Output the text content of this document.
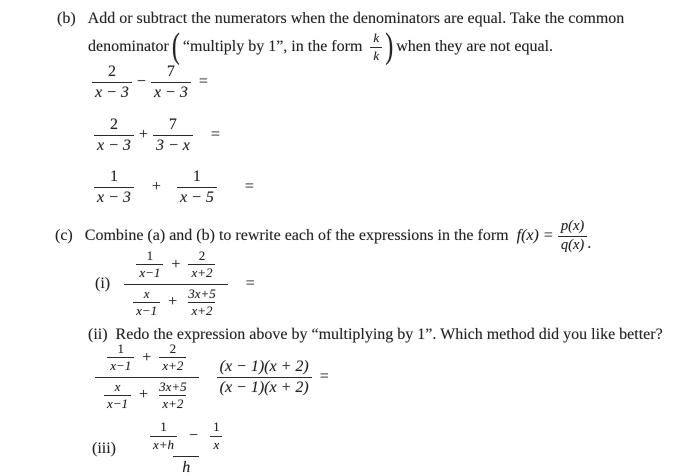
(b) Add or subtract the numerators when the denominators are equal. Take the common
denominator ( “multiply by 1”, in the form $\frac{k}{k}$ ) when they are not equal.
$\frac{2}{x - 3} - \frac{7}{x - 3}$ =
$\frac{2}{x - 3} + \frac{7}{3 - x}$ =
$\frac{1}{x - 3} + \frac{1}{x - 5}$ =
(c) Combine (a) and (b) to rewrite each of the expressions in the form $f(x) = \frac{p(x)}{q(x)}$ .
(i)
$\frac{1}{x-1} + \frac{2}{x+2}$
$\frac{x}{x-1} + \frac{3x+5}{x+2}$
=
(ii) Redo the expression above by “multiplying by 1”. Which method did you like better?
$\frac{1}{x-1} + \frac{2}{x+2}$
$\frac{x}{x-1} + \frac{3x+5}{x+2} \frac{(x - 1)(x + 2)}{(x - 1)(x + 2)}$ =
(iii)	$\frac{1}{x+h} - \frac{1}{x}$
h
